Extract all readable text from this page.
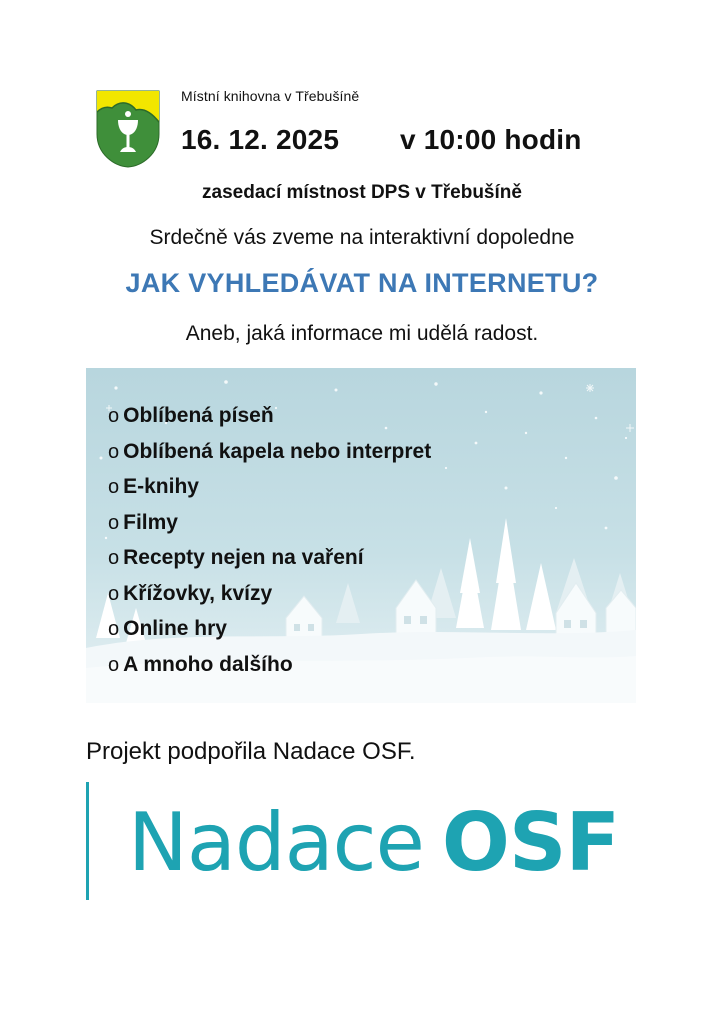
Místní knihovna v Třebušíně
16. 12. 2025 v 10:00 hodin
zasedací místnost DPS v Třebušíně
Srdečně vás zveme na interaktivní dopoledne
JAK VYHLEDÁVAT NA INTERNETU?
Aneb, jaká informace mi udělá radost.
o Oblíbená píseň
o Oblíbená kapela nebo interpret
o E-knihy
o Filmy
o Recepty nejen na vaření
o Křížovky, kvízy
o Online hry
o A mnoho dalšího
Projekt podpořila Nadace OSF.
Nadace OSF
